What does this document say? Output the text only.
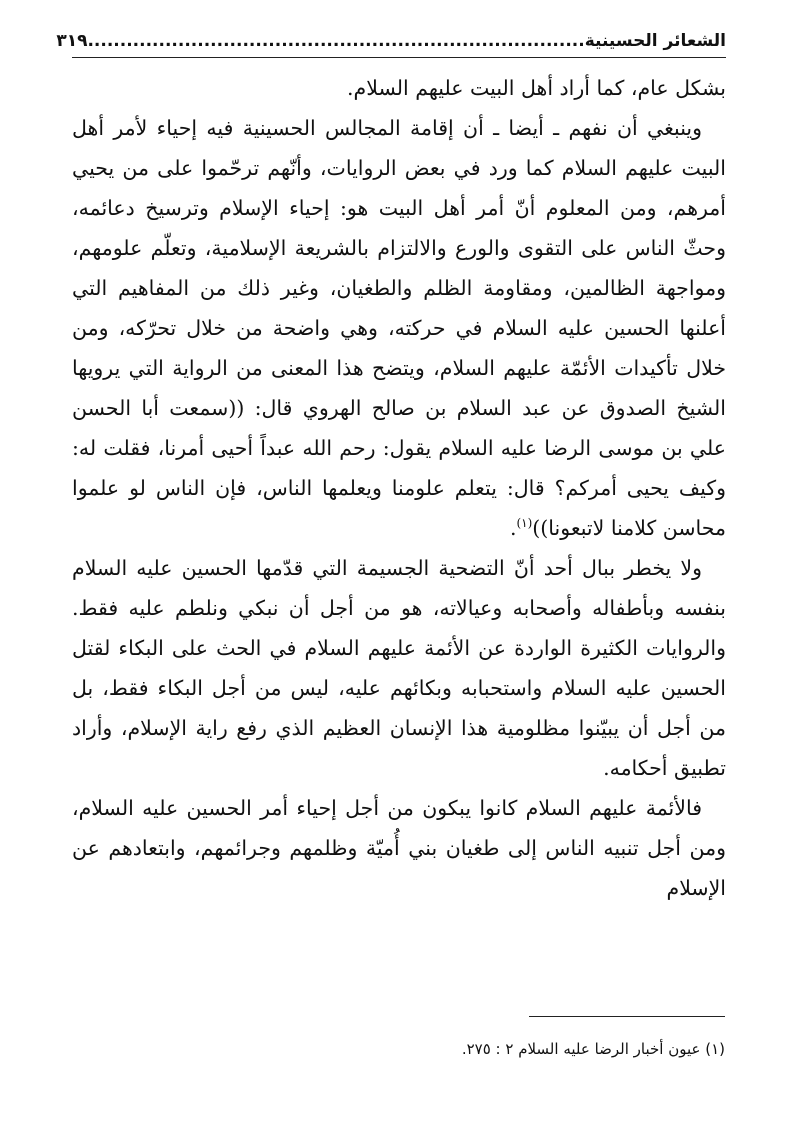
الشعائر الحسينية.............................................................................
٣١٩

بشكل عام، كما أراد أهل البيت عليهم السلام.

وينبغي أن نفهم ـ أيضا ـ أن إقامة المجالس الحسينية فيه إحياء لأمر أهل البيت عليهم السلام كما ورد في بعض الروايات، وأنّهم ترحّموا على من يحيي أمرهم، ومن المعلوم أنّ أمر أهل البيت هو: إحياء الإسلام وترسيخ دعائمه، وحثّ الناس على التقوى والورع والالتزام بالشريعة الإسلامية، وتعلّم علومهم، ومواجهة الظالمين، ومقاومة الظلم والطغيان، وغير ذلك من المفاهيم التي أعلنها الحسين عليه السلام في حركته، وهي واضحة من خلال تحرّكه، ومن خلال تأكيدات الأئمّة عليهم السلام، ويتضح هذا المعنى من الرواية التي يرويها الشيخ الصدوق عن عبد السلام بن صالح الهروي قال: ((سمعت أبا الحسن علي بن موسى الرضا عليه السلام يقول: رحم الله عبداً أحيى أمرنا، فقلت له: وكيف يحيى أمركم؟ قال: يتعلم علومنا ويعلمها الناس، فإن الناس لو علموا محاسن كلامنا لاتبعونا))$^{(١)}$.

ولا يخطر ببال أحد أنّ التضحية الجسيمة التي قدّمها الحسين عليه السلام بنفسه وبأطفاله وأصحابه وعيالاته، هو من أجل أن نبكي ونلطم عليه فقط. والروايات الكثيرة الواردة عن الأئمة عليهم السلام في الحث على البكاء لقتل الحسين عليه السلام واستحبابه وبكائهم عليه، ليس من أجل البكاء فقط، بل من أجل أن يبيّنوا مظلومية هذا الإنسان العظيم الذي رفع راية الإسلام، وأراد تطبيق أحكامه.

فالأئمة عليهم السلام كانوا يبكون من أجل إحياء أمر الحسين عليه السلام، ومن أجل تنبيه الناس إلى طغيان بني أُميّة وظلمهم وجرائمهم، وابتعادهم عن الإسلام

(١) عيون أخبار الرضا عليه السلام ٢ : ٢٧٥.
